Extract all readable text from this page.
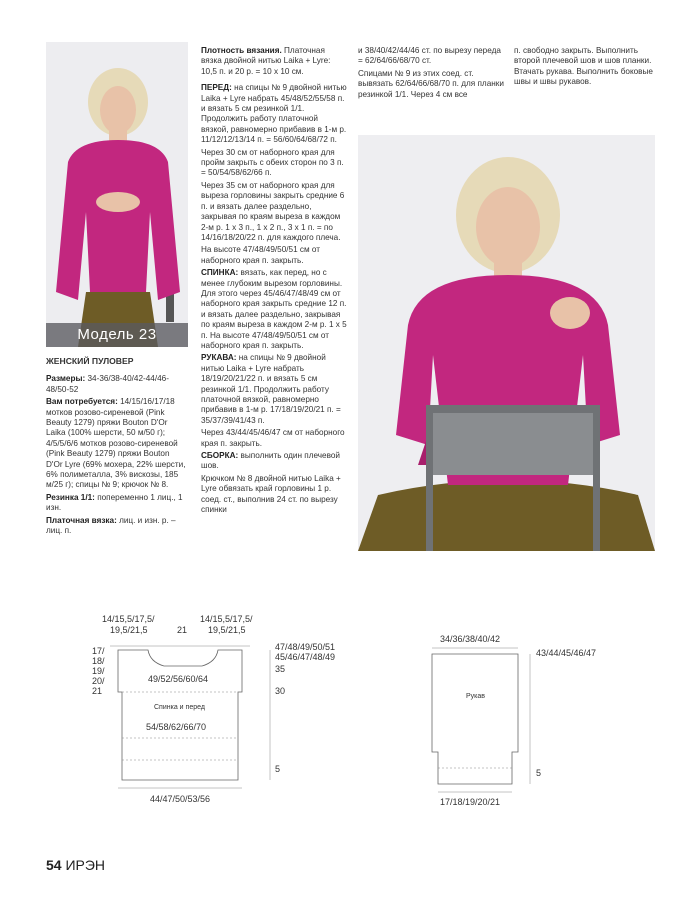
Модель 23

ЖЕНСКИЙ ПУЛОВЕР

Размеры: 34-36/38-40/42-44/46-48/50-52

Вам потребуется: 14/15/16/17/18 мотков розово-сиреневой (Pink Beauty 1279) пряжи Bouton D'Or Laika (100% шерсти, 50 м/50 г); 4/5/5/6/6 мотков розово-сиреневой (Pink Beauty 1279) пряжи Bouton D'Or Lyre (69% мохера, 22% шерсти, 6% полиметалла, 3% вискозы, 185 м/25 г); спицы № 9; крючок № 8.

Резинка 1/1: попеременно 1 лиц., 1 изн.

Платочная вязка: лиц. и изн. р. – лиц. п.

Плотность вязания. Платочная вязка двойной нитью Laika + Lyre: 10,5 п. и 20 р. = 10 х 10 см.

ПЕРЕД: на спицы № 9 двойной нитью Laika + Lyre набрать 45/48/52/55/58 п. и вязать 5 см резинкой 1/1. Продолжить работу платочной вязкой, равномерно прибавив в 1-м р. 11/12/12/13/14 п. = 56/60/64/68/72 п.

Через 30 см от наборного края для пройм закрыть с обеих сторон по 3 п. = 50/54/58/62/66 п.

Через 35 см от наборного края для выреза горловины закрыть средние 6 п. и вязать далее раздельно, закрывая по краям выреза в каждом 2-м р. 1 х 3 п., 1 х 2 п., 3 х 1 п. = по 14/16/18/20/22 п. для каждого плеча.

На высоте 47/48/49/50/51 см от наборного края п. закрыть.

СПИНКА: вязать, как перед, но с менее глубоким вырезом горловины. Для этого через 45/46/47/48/49 см от наборного края закрыть средние 12 п. и вязать далее раздельно, закрывая по краям выреза в каждом 2-м р. 1 х 5 п. На высоте 47/48/49/50/51 см от наборного края п. закрыть.

РУКАВА: на спицы № 9 двойной нитью Laika + Lyre набрать 18/19/20/21/22 п. и вязать 5 см резинкой 1/1. Продолжить работу платочной вязкой, равномерно прибавив в 1-м р. 17/18/19/20/21 п. = 35/37/39/41/43 п.

Через 43/44/45/46/47 см от наборного края п. закрыть.

СБОРКА: выполнить один плечевой шов.

Крючком № 8 двойной нитью Laika + Lyre обвязать край горловины 1 р. соед. ст., выполнив 24 ст. по вырезу спинки

и 38/40/42/44/46 ст. по вырезу переда = 62/64/66/68/70 ст.

Спицами № 9 из этих соед. ст. вывязать 62/64/66/68/70 п. для планки резинкой 1/1. Через 4 см все

п. свободно закрыть. Выполнить второй плечевой шов и шов планки. Втачать рукава. Выполнить боковые швы и швы рукавов.

14/15,5/17,5/
19,5/21,5	21
14/15,5/17,5/
19,5/21,5
17/
18/
19/
20/
21
47/48/49/50/51
45/46/47/48/49
35
30
5
49/52/56/60/64
Спинка и перед
54/58/62/66/70
44/47/50/53/56
34/36/38/40/42
Рукав
43/44/45/46/47
5
17/18/19/20/21
54 ИРЭН
